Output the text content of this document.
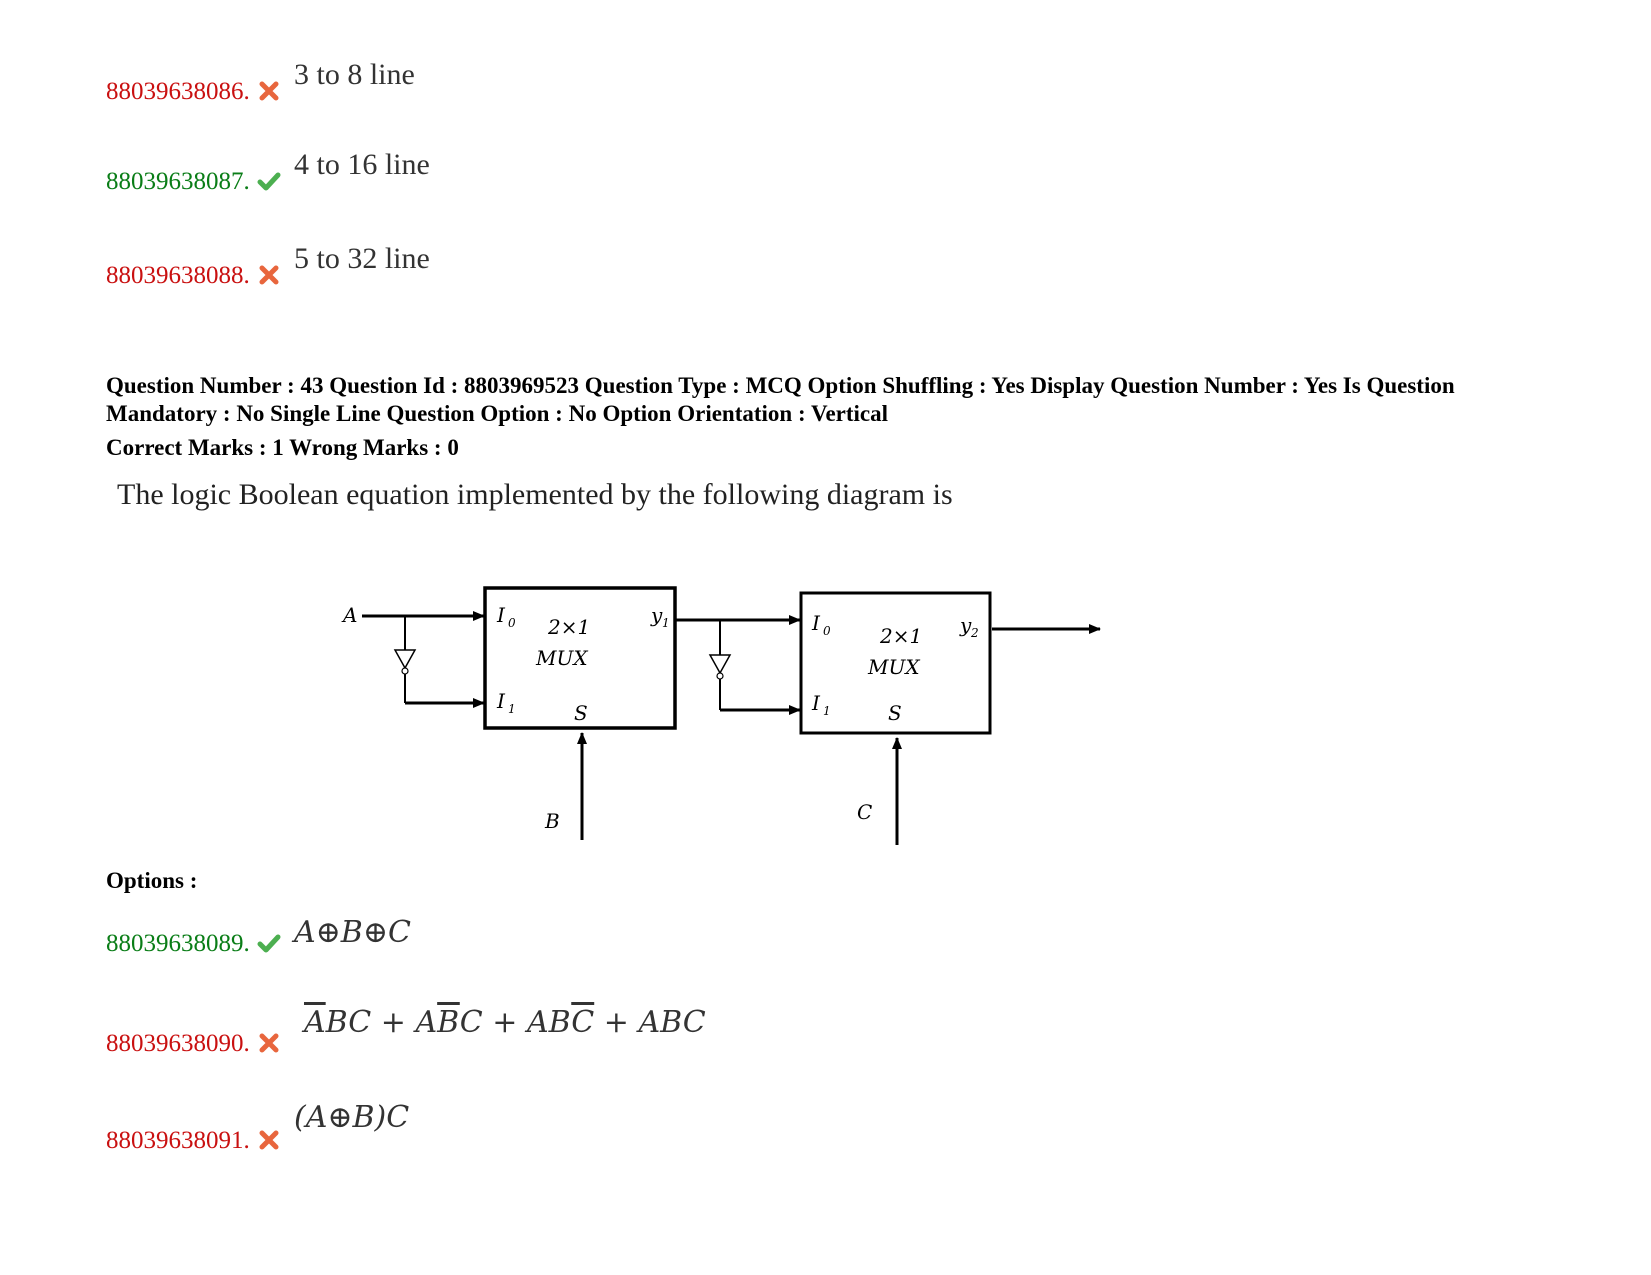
88039638086.
3 to 8 line
88039638087.
4 to 16 line
88039638088.
5 to 32 line
Question Number : 43 Question Id : 8803969523 Question Type : MCQ Option Shuffling : Yes Display Question Number : Yes Is Question Mandatory : No Single Line Question Option : No Option Orientation : Vertical
Correct Marks : 1 Wrong Marks : 0
The logic Boolean equation implemented by the following diagram is
A	I 0
I 1
2×1
MUX
S
y 1
B
I 0
I 1
2×1
MUX
S
y 2
C
Options :
88039638089. A⊕B⊕C
88039638090.
$\overline{A}BC + A\overline{B}C + AB\overline{C}$ + ABC
88039638091.
(A⊕B)C
